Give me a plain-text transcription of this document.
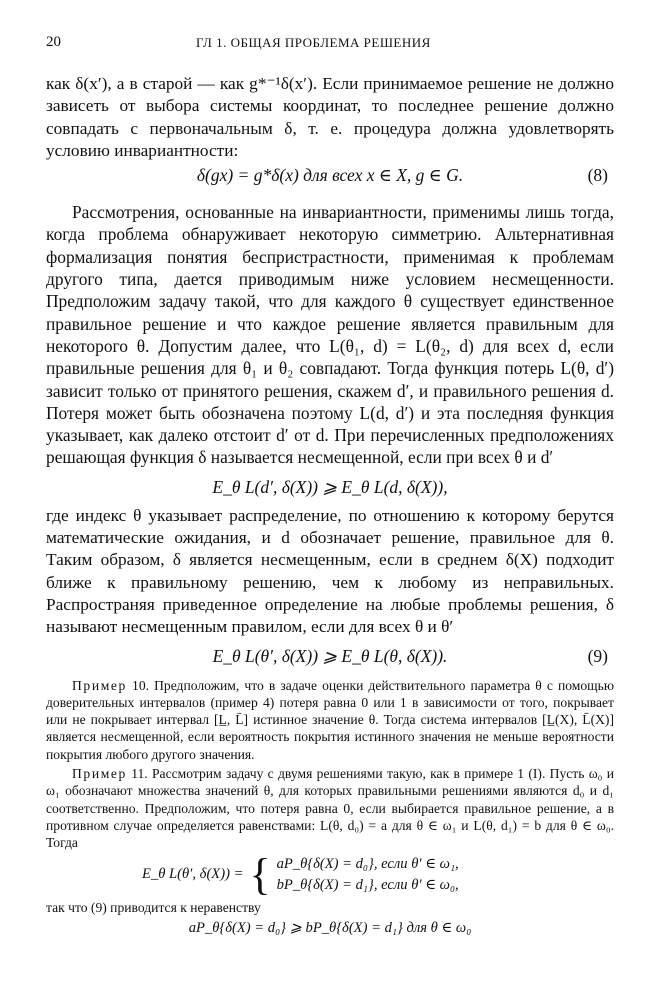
20	ГЛ 1. ОБЩАЯ ПРОБЛЕМА РЕШЕНИЯ

как δ(x′), а в старой — как g*⁻¹δ(x′). Если принимаемое решение не должно зависеть от выбора системы координат, то последнее решение должно совпадать с первоначальным δ, т. е. процедура должна удовлетворять условию инвариантности:

δ(gx) = g*δ(x) для всех x ∈ X, g ∈ G.	(8)

Рассмотрения, основанные на инвариантности, применимы лишь тогда, когда проблема обнаруживает некоторую симметрию. Альтернативная формализация понятия беспристрастности, применимая к проблемам другого типа, дается приводимым ниже условием несмещенности. Предположим задачу такой, что для каждого θ существует единственное правильное решение и что каждое решение является правильным для некоторого θ. Допустим далее, что L(θ₁, d) = L(θ₂, d) для всех d, если правильные решения для θ₁ и θ₂ совпадают. Тогда функция потерь L(θ, d′) зависит только от принятого решения, скажем d′, и правильного решения d. Потеря может быть обозначена поэтому L(d, d′) и эта последняя функция указывает, как далеко отстоит d′ от d. При перечисленных предположениях решающая функция δ называется несмещенной, если при всех θ и d′

E_θ L(d′, δ(X)) ⩾ E_θ L(d, δ(X)),

где индекс θ указывает распределение, по отношению к которому берутся математические ожидания, и d обозначает решение, правильное для θ. Таким образом, δ является несмещенным, если в среднем δ(X) подходит ближе к правильному решению, чем к любому из неправильных. Распространяя приведенное определение на любые проблемы решения, δ называют несмещенным правилом, если для всех θ и θ′

E_θ L(θ′, δ(X)) ⩾ E_θ L(θ, δ(X)).	(9)

Пример 10. Предположим, что в задаче оценки действительного параметра θ с помощью доверительных интервалов (пример 4) потеря равна 0 или 1 в зависимости от того, покрывает или не покрывает интервал [L̲, L̄] истинное значение θ. Тогда система интервалов [L̲(X), L̄(X)] является несмещенной, если вероятность покрытия истинного значения не меньше вероятности покрытия любого другого значения.

Пример 11. Рассмотрим задачу с двумя решениями такую, как в примере 1 (I). Пусть ω₀ и ω₁ обозначают множества значений θ, для которых правильными решениями являются d₀ и d₁ соответственно. Предположим, что потеря равна 0, если выбирается правильное решение, а в противном случае определяется равенствами: L(θ, d₀) = a для θ ∈ ω₁ и L(θ, d₁) = b для θ ∈ ω₀. Тогда

E_θ L(θ′, δ(X)) = { aP_θ{δ(X) = d₀}, если θ′ ∈ ω₁,
bP_θ{δ(X) = d₁}, если θ′ ∈ ω₀,

так что (9) приводится к неравенству

aP_θ{δ(X) = d₀} ⩾ bP_θ{δ(X) = d₁} для θ ∈ ω₀
